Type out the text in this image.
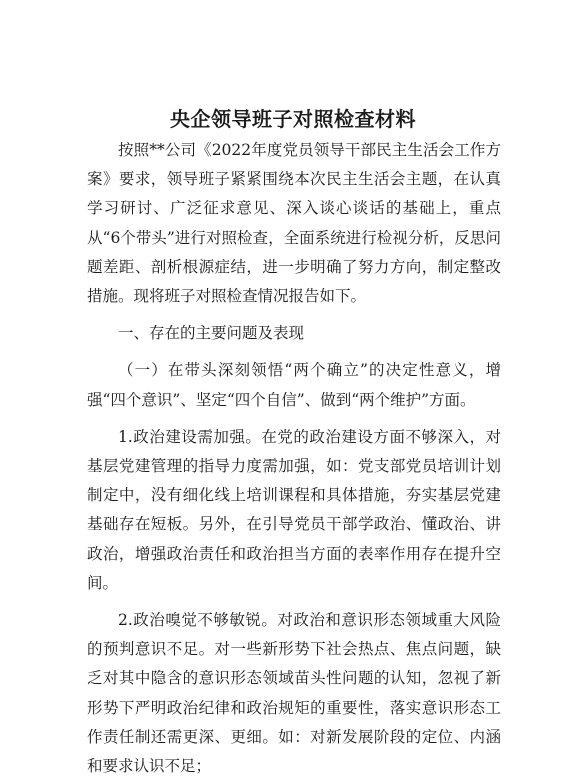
央企领导班子对照检查材料

按照**公司《2022年度党员领导干部民主生活会工作方案》要求，领导班子紧紧围绕本次民主生活会主题，在认真学习研讨、广泛征求意见、深入谈心谈话的基础上，重点从“6个带头”进行对照检查，全面系统进行检视分析，反思问题差距、剖析根源症结，进一步明确了努力方向，制定整改措施。现将班子对照检查情况报告如下。

一、存在的主要问题及表现

（一）在带头深刻领悟“两个确立”的决定性意义，增强“四个意识”、坚定“四个自信”、做到“两个维护”方面。

1.政治建设需加强。在党的政治建设方面不够深入，对基层党建管理的指导力度需加强，如：党支部党员培训计划制定中，没有细化线上培训课程和具体措施，夯实基层党建基础存在短板。另外，在引导党员干部学政治、懂政治、讲政治，增强政治责任和政治担当方面的表率作用存在提升空间。

2.政治嗅觉不够敏锐。对政治和意识形态领域重大风险的预判意识不足。对一些新形势下社会热点、焦点问题，缺乏对其中隐含的意识形态领域苗头性问题的认知，忽视了新形势下严明政治纪律和政治规矩的重要性，落实意识形态工作责任制还需更深、更细。如：对新发展阶段的定位、内涵和要求认识不足；
